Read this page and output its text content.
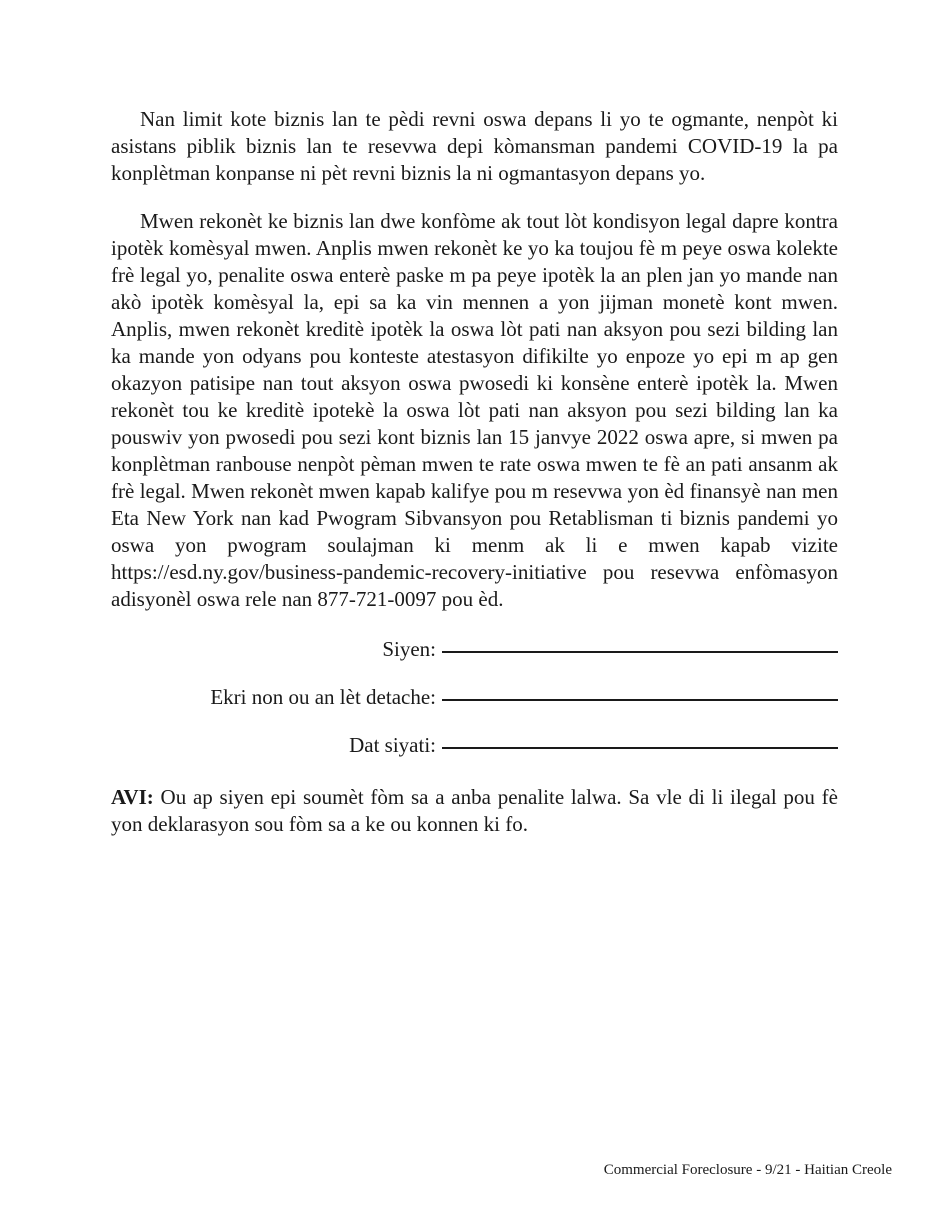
Nan limit kote biznis lan te pèdi revni oswa depans li yo te ogmante, nenpòt ki asistans piblik biznis lan te resevwa depi kòmansman pandemi COVID-19 la pa konplètman konpanse ni pèt revni biznis la ni ogmantasyon depans yo.

Mwen rekonèt ke biznis lan dwe konfòme ak tout lòt kondisyon legal dapre kontra ipotèk komèsyal mwen. Anplis mwen rekonèt ke yo ka toujou fè m peye oswa kolekte frè legal yo, penalite oswa enterè paske m pa peye ipotèk la an plen jan yo mande nan akò ipotèk komèsyal la, epi sa ka vin mennen a yon jijman monetè kont mwen. Anplis, mwen rekonèt kreditè ipotèk la oswa lòt pati nan aksyon pou sezi bilding lan ka mande yon odyans pou konteste atestasyon difikilte yo enpoze yo epi m ap gen okazyon patisipe nan tout aksyon oswa pwosedi ki konsène enterè ipotèk la. Mwen rekonèt tou ke kreditè ipotekè la oswa lòt pati nan aksyon pou sezi bilding lan ka pouswiv yon pwosedi pou sezi kont biznis lan 15 janvye 2022 oswa apre, si mwen pa konplètman ranbouse nenpòt pèman mwen te rate oswa mwen te fè an pati ansanm ak frè legal. Mwen rekonèt mwen kapab kalifye pou m resevwa yon èd finansyè nan men Eta New York nan kad Pwogram Sibvansyon pou Retablisman ti biznis pandemi yo oswa yon pwogram soulajman ki menm ak li e mwen kapab vizite https://esd.ny.gov/business-pandemic-recovery-initiative pou resevwa enfòmasyon adisyonèl oswa rele nan 877-721-0097 pou èd.

Siyen:
Ekri non ou an lèt detache:
Dat siyati:

AVI: Ou ap siyen epi soumèt fòm sa a anba penalite lalwa. Sa vle di li ilegal pou fè yon deklarasyon sou fòm sa a ke ou konnen ki fo.

Commercial Foreclosure - 9/21 - Haitian Creole
